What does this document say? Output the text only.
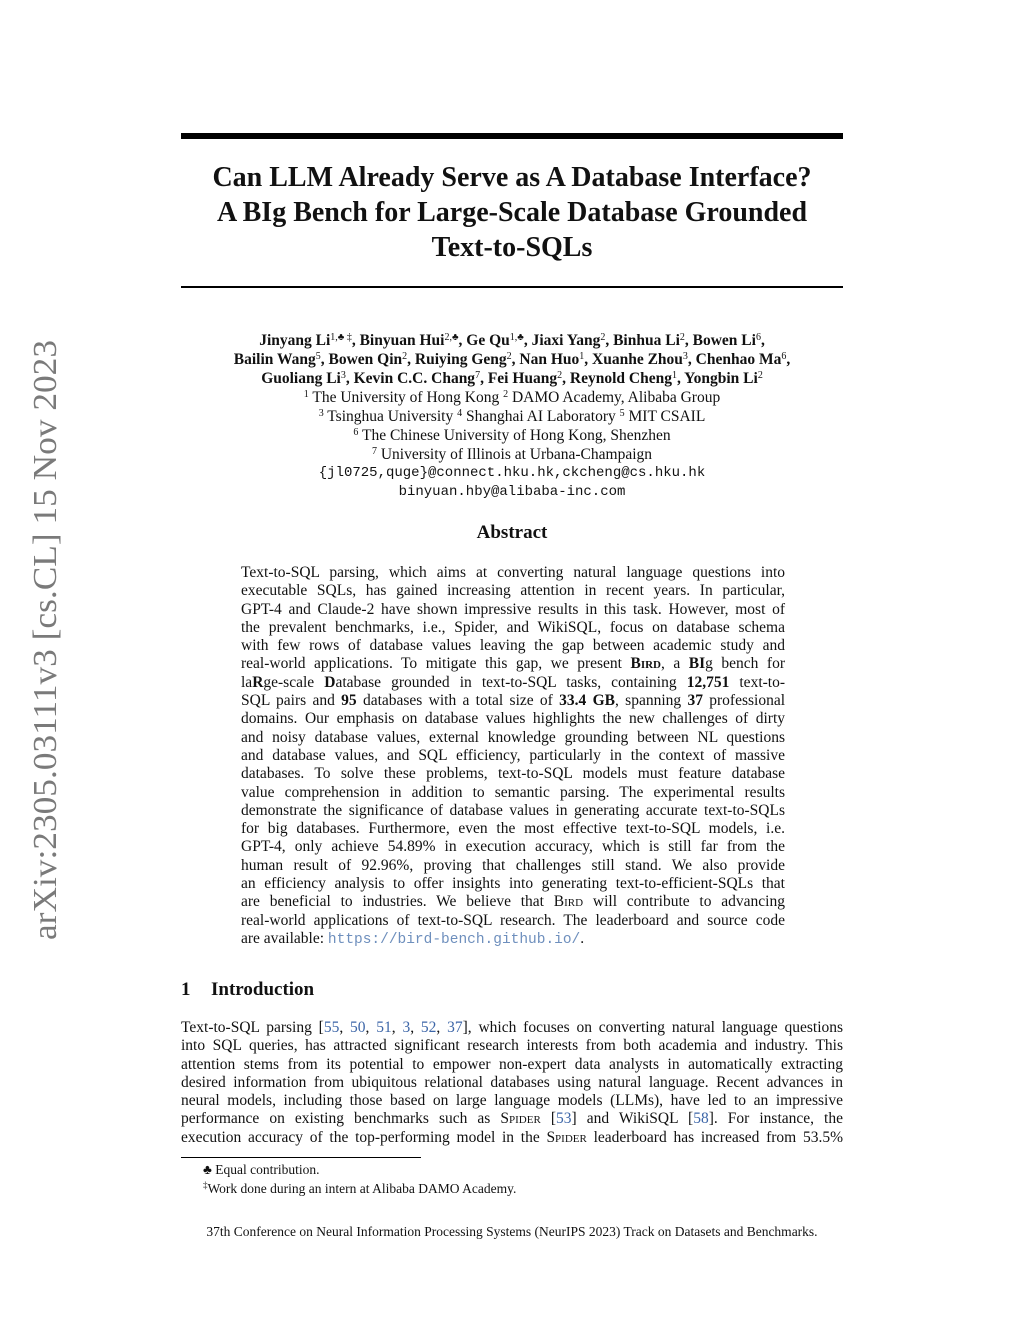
arXiv:2305.03111v3 [cs.CL] 15 Nov 2023
Can LLM Already Serve as A Database Interface?
A BIg Bench for Large-Scale Database Grounded
Text-to-SQLs
Jinyang $Li^{1,♣ \ddagger}$, Binyuan Hui$^{2,♣}$, Ge $Qu^{1,♣}$, Jiaxi Yang$^2$, Binhua Li$^2$, Bowen Li$^6$,
Bailin Wang$^5$, Bowen Qin$^2$, Ruiying Geng$^2$, Nan Huo$^1$, Xuanhe Zhou$^3$, Chenhao Ma$^6$,
Guoliang Li$^3$, Kevin C.C. Chang$^7$, Fei Huang$^2$, Reynold Cheng$^1$, Yongbin Li$^2$
$^1$ The University of Hong Kong $^2$ DAMO Academy, Alibaba Group
$^3$ Tsinghua University $^4$ Shanghai AI Laboratory $^5$ MIT CSAIL
$^6$ The Chinese University of Hong Kong, Shenzhen
$^7$ University of Illinois at Urbana-Champaign
{jl0725,quge}@connect.hku.hk,ckcheng@cs.hku.hk
binyuan.hby@alibaba-inc.com
Abstract
Text-to-SQL parsing, which aims at converting natural language questions into
executable SQLs, has gained increasing attention in recent years. In particular,
GPT-4 and Claude-2 have shown impressive results in this task. However, most of
the prevalent benchmarks, i.e., Spider, and WikiSQL, focus on database schema
with few rows of database values leaving the gap between academic study and
real-world applications. To mitigate this gap, we present Bird, a BIg bench for
laRge-scale Database grounded in text-to-SQL tasks, containing 12,751 text-to-
SQL pairs and 95 databases with a total size of 33.4 GB, spanning 37 professional
domains. Our emphasis on database values highlights the new challenges of dirty
and noisy database values, external knowledge grounding between NL questions
and database values, and SQL efficiency, particularly in the context of massive
databases. To solve these problems, text-to-SQL models must feature database
value comprehension in addition to semantic parsing. The experimental results
demonstrate the significance of database values in generating accurate text-to-SQLs
for big databases. Furthermore, even the most effective text-to-SQL models, i.e.
GPT-4, only achieve 54.89% in execution accuracy, which is still far from the
human result of 92.96%, proving that challenges still stand. We also provide
an efficiency analysis to offer insights into generating text-to-efficient-SQLs that
are beneficial to industries. We believe that Bird will contribute to advancing
real-world applications of text-to-SQL research. The leaderboard and source code
are available: https://bird-bench.github.io/.
1 Introduction
Text-to-SQL parsing [55, 50, 51, 3, 52, 37], which focuses on converting natural language questions
into SQL queries, has attracted significant research interests from both academia and industry. This
attention stems from its potential to empower non-expert data analysts in automatically extracting
desired information from ubiquitous relational databases using natural language. Recent advances in
neural models, including those based on large language models (LLMs), have led to an impressive
performance on existing benchmarks such as Spider [53] and WikiSQL [58]. For instance, the
execution accuracy of the top-performing model in the Spider leaderboard has increased from 53.5%
♣ Equal contribution.
‡Work done during an intern at Alibaba DAMO Academy.
37th Conference on Neural Information Processing Systems (NeurIPS 2023) Track on Datasets and Benchmarks.
